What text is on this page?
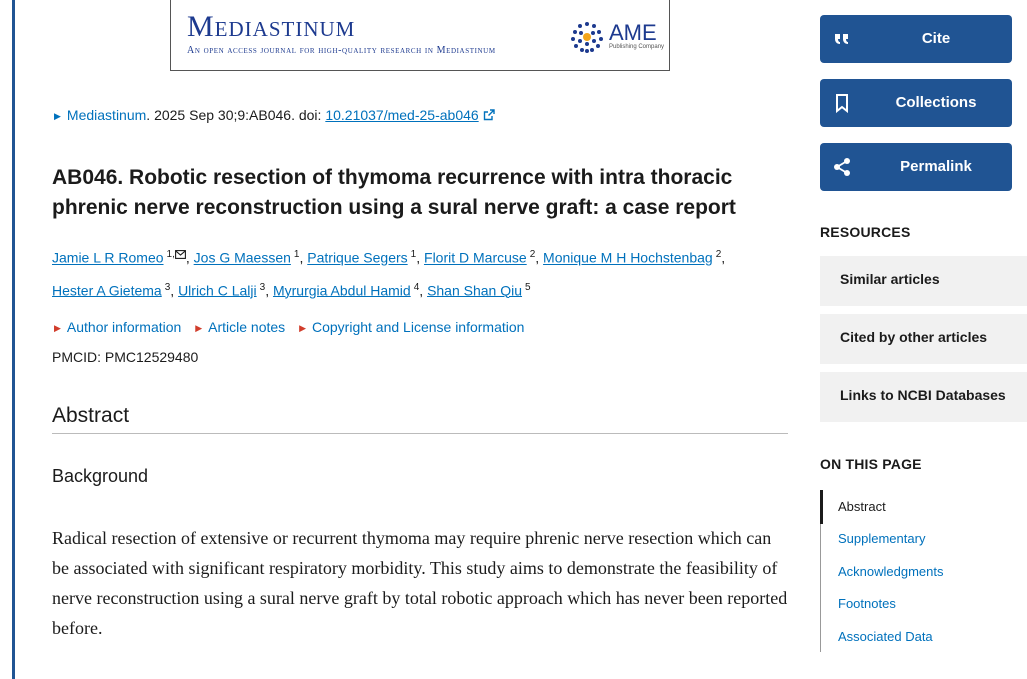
Mediastinum
An open access journal for high-quality research in Mediastinum
AME
Publishing Company
▶ Mediastinum. 2025 Sep 30;9:AB046. doi: 10.21037/med-25-ab046
AB046. Robotic resection of thymoma recurrence with intra thoracic phrenic nerve reconstruction using a sural nerve graft: a case report
Jamie L R Romeo $^{1,}$ , Jos G Maessen $^1$, Patrique Segers $^1$, Florit D Marcuse $^2$, Monique M H Hochstenbag $^2$,
Hester A Gietema $^3$, Ulrich C Lalji $^3$, Myrurgia Abdul Hamid $^4$, Shan Shan Qiu $^5$
▶ Author information ▶ Article notes ▶ Copyright and License information
PMCID: PMC12529480
Abstract
Background

Radical resection of extensive or recurrent thymoma may require phrenic nerve resection which can be associated with significant respiratory morbidity. This study aims to demonstrate the feasibility of nerve reconstruction using a sural nerve graft by total robotic approach which has never been reported before.

Cite
Collections
Permalink
RESOURCES
Similar articles
Cited by other articles
Links to NCBI Databases
ON THIS PAGE
Abstract
Supplementary
Acknowledgments
Footnotes
Associated Data
